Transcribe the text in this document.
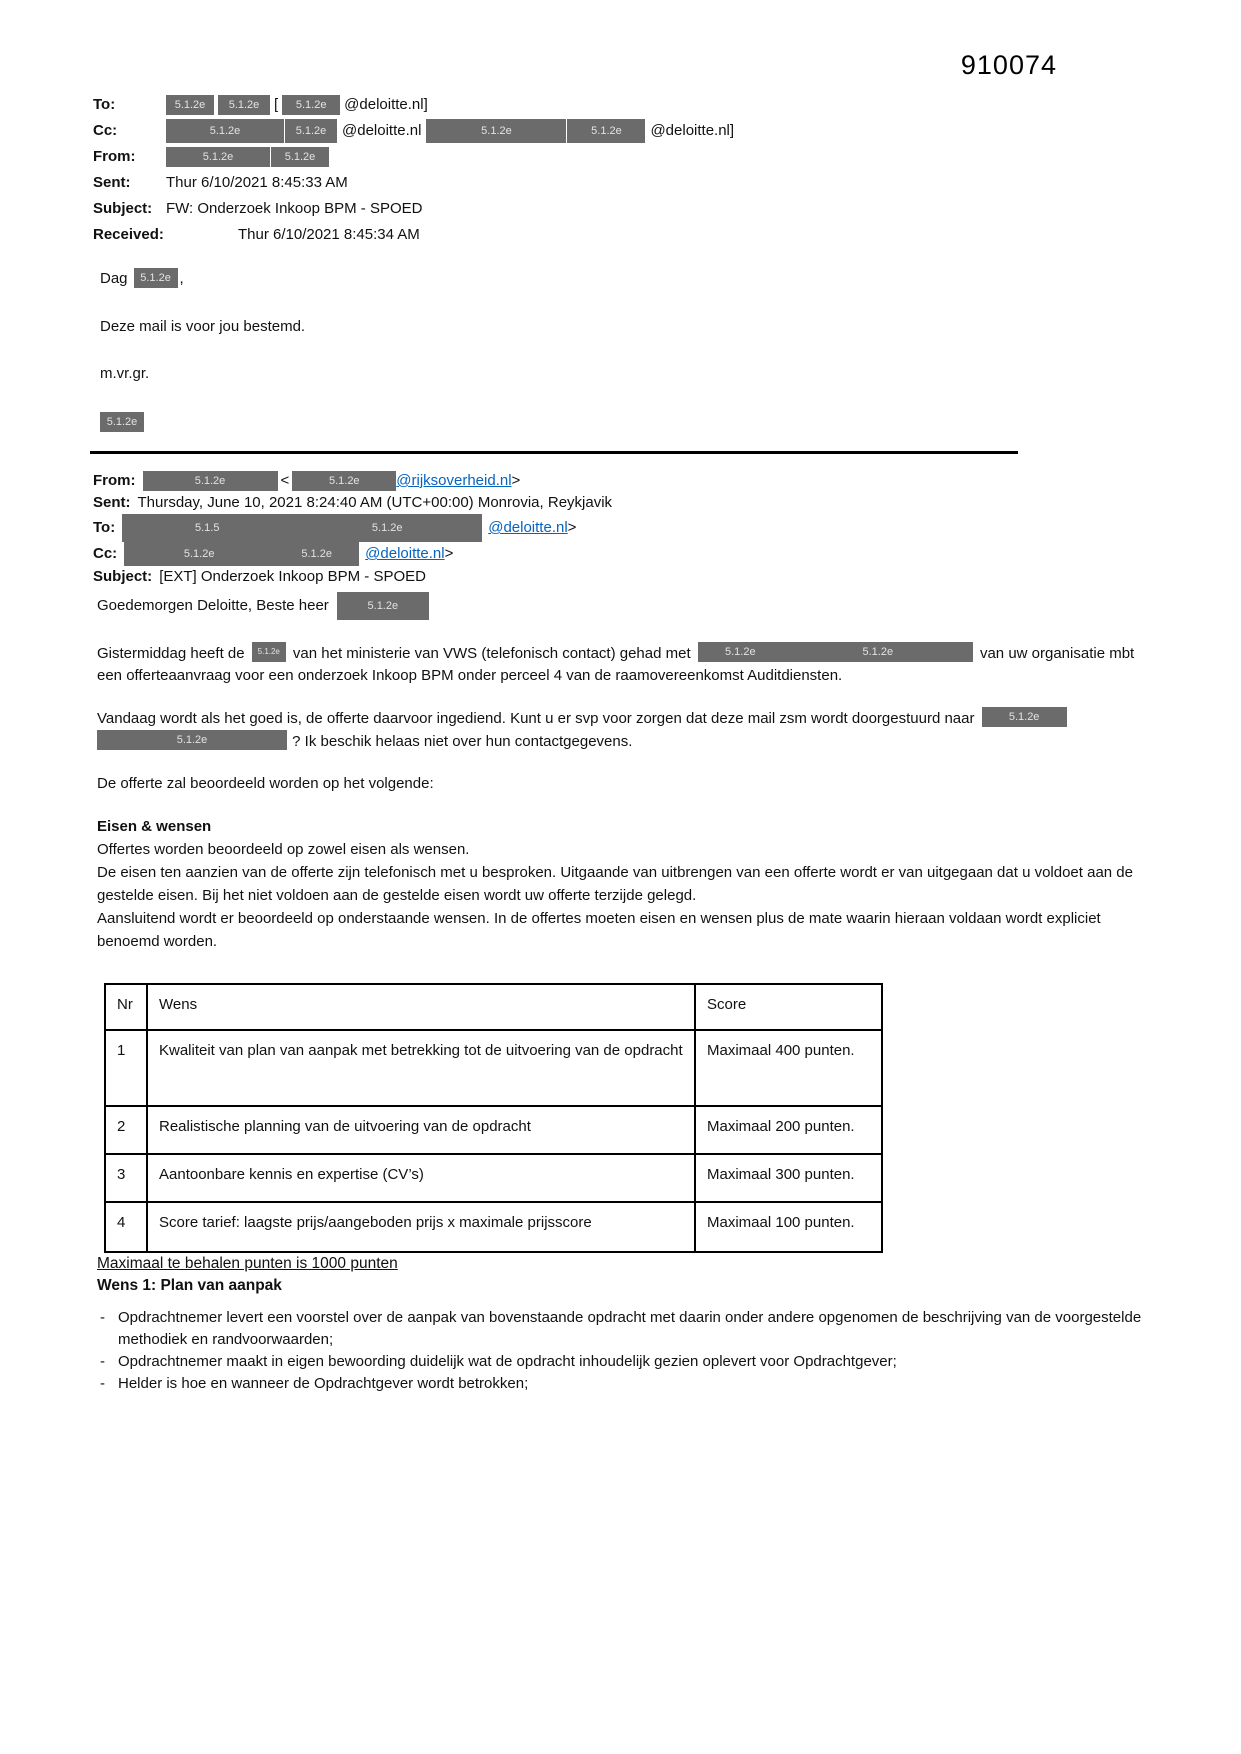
910074
To:	5.1.2e	5.1.2e [	5.1.2e	@deloitte.nl]
Cc:	5.1.2e	5.1.2e	@deloitte.nl	5.1.2e	5.1.2e	@deloitte.nl]
From:	5.1.2e	5.1.2e
Sent:	Thur 6/10/2021 8:45:33 AM
Subject: FW: Onderzoek Inkoop BPM - SPOED
Received:	Thur 6/10/2021 8:45:34 AM
Dag	5.1.2e ,
Deze mail is voor jou bestemd.
m.vr.gr.
5.1.2e
From:	5.1.2e	<	5.1.2e	@rijksoverheid.nl >
Sent: Thursday, June 10, 2021 8:24:40 AM (UTC+00:00) Monrovia, Reykjavik
To:	5.1.5	5.1.2e	@deloitte.nl >
Cc:	5.1.2e	5.1.2e	@deloitte.nl >
Subject: [EXT] Onderzoek Inkoop BPM - SPOED
Goedemorgen Deloitte, Beste heer	5.1.2e

Gistermiddag heeft de 5.1.2e van het ministerie van VWS (telefonisch contact) gehad met	5.1.2e	5.1.2e	van uw organisatie mbt een offerteaanvraag voor een onderzoek Inkoop BPM onder perceel 4 van de raamovereenkomst Auditdiensten.

Vandaag wordt als het goed is, de offerte daarvoor ingediend. Kunt u er svp voor zorgen dat deze mail zsm wordt doorgestuurd naar	5.1.2e5.1.2e	? Ik beschik helaas niet over hun contactgegevens.

De offerte zal beoordeeld worden op het volgende:

Eisen & wensen

Offertes worden beoordeeld op zowel eisen als wensen.

De eisen ten aanzien van de offerte zijn telefonisch met u besproken. Uitgaande van uitbrengen van een offerte wordt er van uitgegaan dat u voldoet aan de gestelde eisen. Bij het niet voldoen aan de gestelde eisen wordt uw offerte terzijde gelegd.

Aansluitend wordt er beoordeeld op onderstaande wensen. In de offertes moeten eisen en wensen plus de mate waarin hieraan voldaan wordt expliciet benoemd worden.

Nr	Wens	Score
1	Kwaliteit van plan van aanpak met betrekking tot de uitvoering van de opdracht	Maximaal 400 punten.
2	Realistische planning van de uitvoering van de opdracht	Maximaal 200 punten.
3	Aantoonbare kennis en expertise (CV’s)	Maximaal 300 punten.
4	Score tarief: laagste prijs/aangeboden prijs x maximale prijsscore	Maximaal 100 punten.

Maximaal te behalen punten is 1000 punten

Wens 1: Plan van aanpak

- Opdrachtnemer levert een voorstel over de aanpak van bovenstaande opdracht met daarin onder andere opgenomen de beschrijving van de voorgestelde methodiek en randvoorwaarden;
- Opdrachtnemer maakt in eigen bewoording duidelijk wat de opdracht inhoudelijk gezien oplevert voor Opdrachtgever;
- Helder is hoe en wanneer de Opdrachtgever wordt betrokken;
